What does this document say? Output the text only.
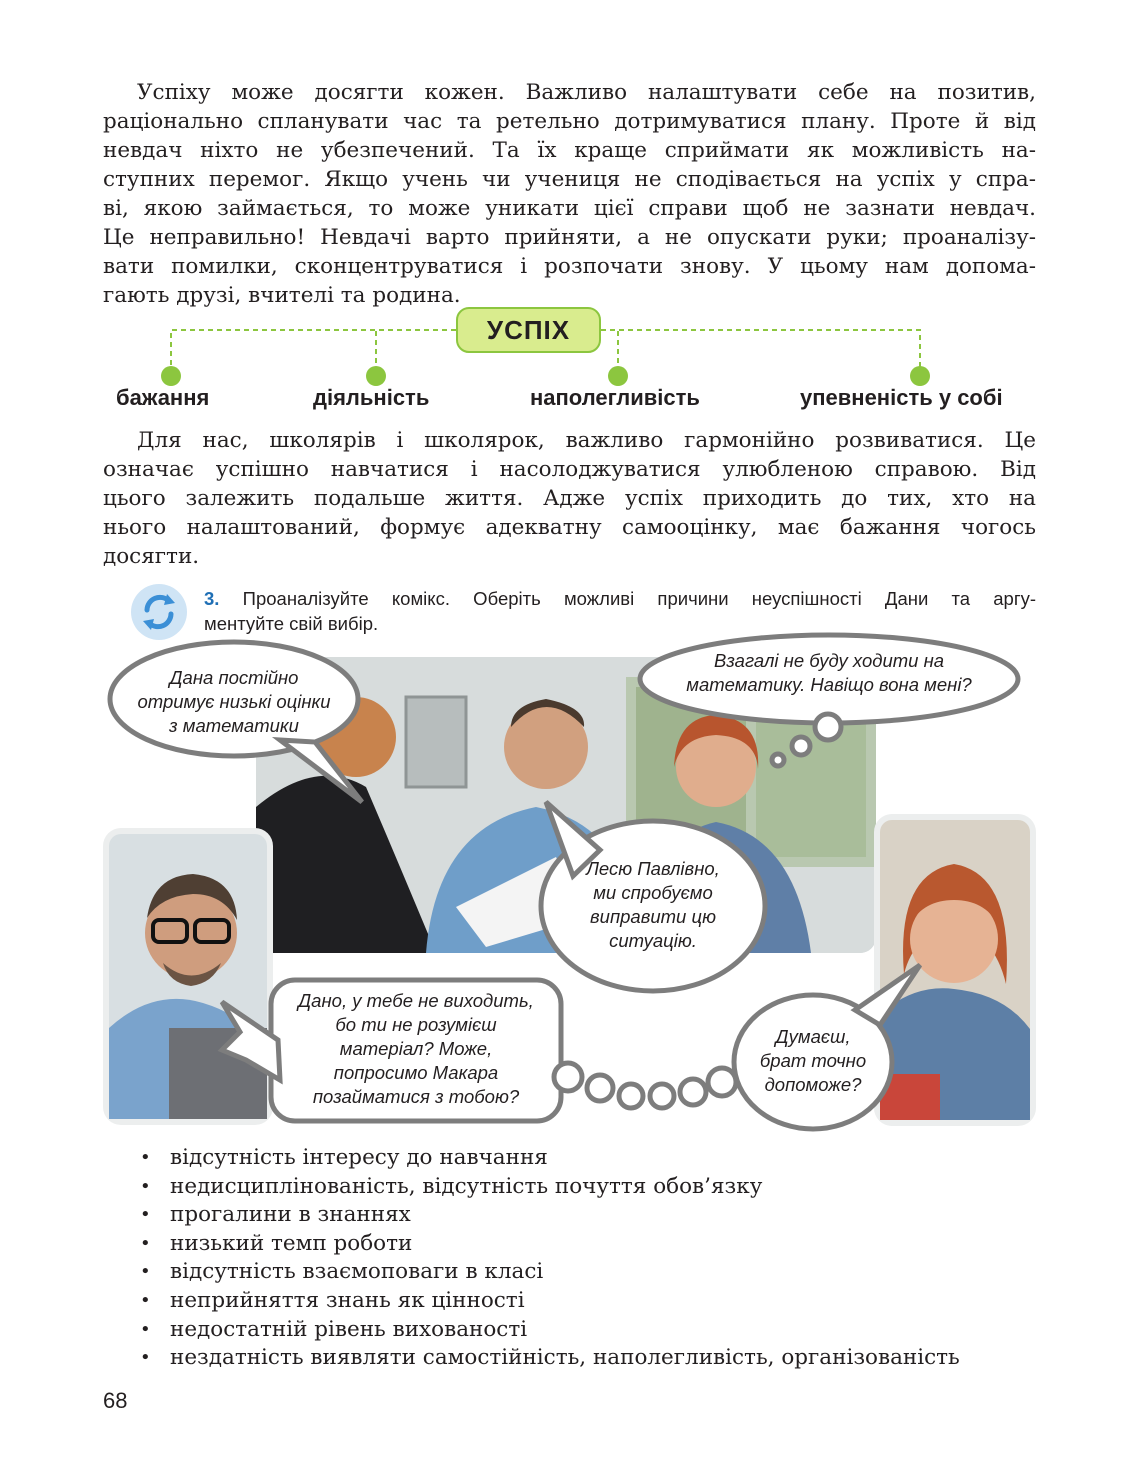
Успіху може досягти кожен. Важливо налаштувати себе на позитив,
раціонально спланувати час та ретельно дотримуватися плану. Проте й від
невдач ніхто не убезпечений. Та їх краще сприймати як можливість на-
ступних перемог. Якщо учень чи учениця не сподівається на успіх у спра-
ві, якою займається, то може уникати цієї справи щоб не зазнати невдач.
Це неправильно! Невдачі варто прийняти, а не опускати руки; проаналізу-
вати помилки, сконцентруватися і розпочати знову. У цьому нам допома-
гають друзі, вчителі та родина.
УСПІХ
бажання	діяльність	наполегливість	упевненість у собі
Для нас, школярів і школярок, важливо гармонійно розвиватися. Це
означає успішно навчатися і насолоджуватися улюбленою справою. Від
цього залежить подальше життя. Адже успіх приходить до тих, хто на
нього налаштований, формує адекватну самооцінку, має бажання чогось
досягти.
3. Проаналізуйте комікс. Оберіть можливі причини неуспішності Дани та аргу-
ментуйте свій вибір.
Дана постійно
отримує низькі оцінки
з математики
Взагалі не буду ходити на
математику. Навіщо вона мені?
Лесю Павлівно,
ми спробуємо
виправити цю
ситуацію.
Дано, у тебе не виходить,
бо ти не розумієш
матеріал? Може,
попросимо Макара
позайматися з тобою?
Думаєш,
брат точно
допоможе?
• відсутність інтересу до навчання
• недисциплінованість, відсутність почуття обов’язку
• прогалини в знаннях
• низький темп роботи
• відсутність взаємоповаги в класі
• неприйняття знань як цінності
• недостатній рівень вихованості
• нездатність виявляти самостійність, наполегливість, організованість
68
